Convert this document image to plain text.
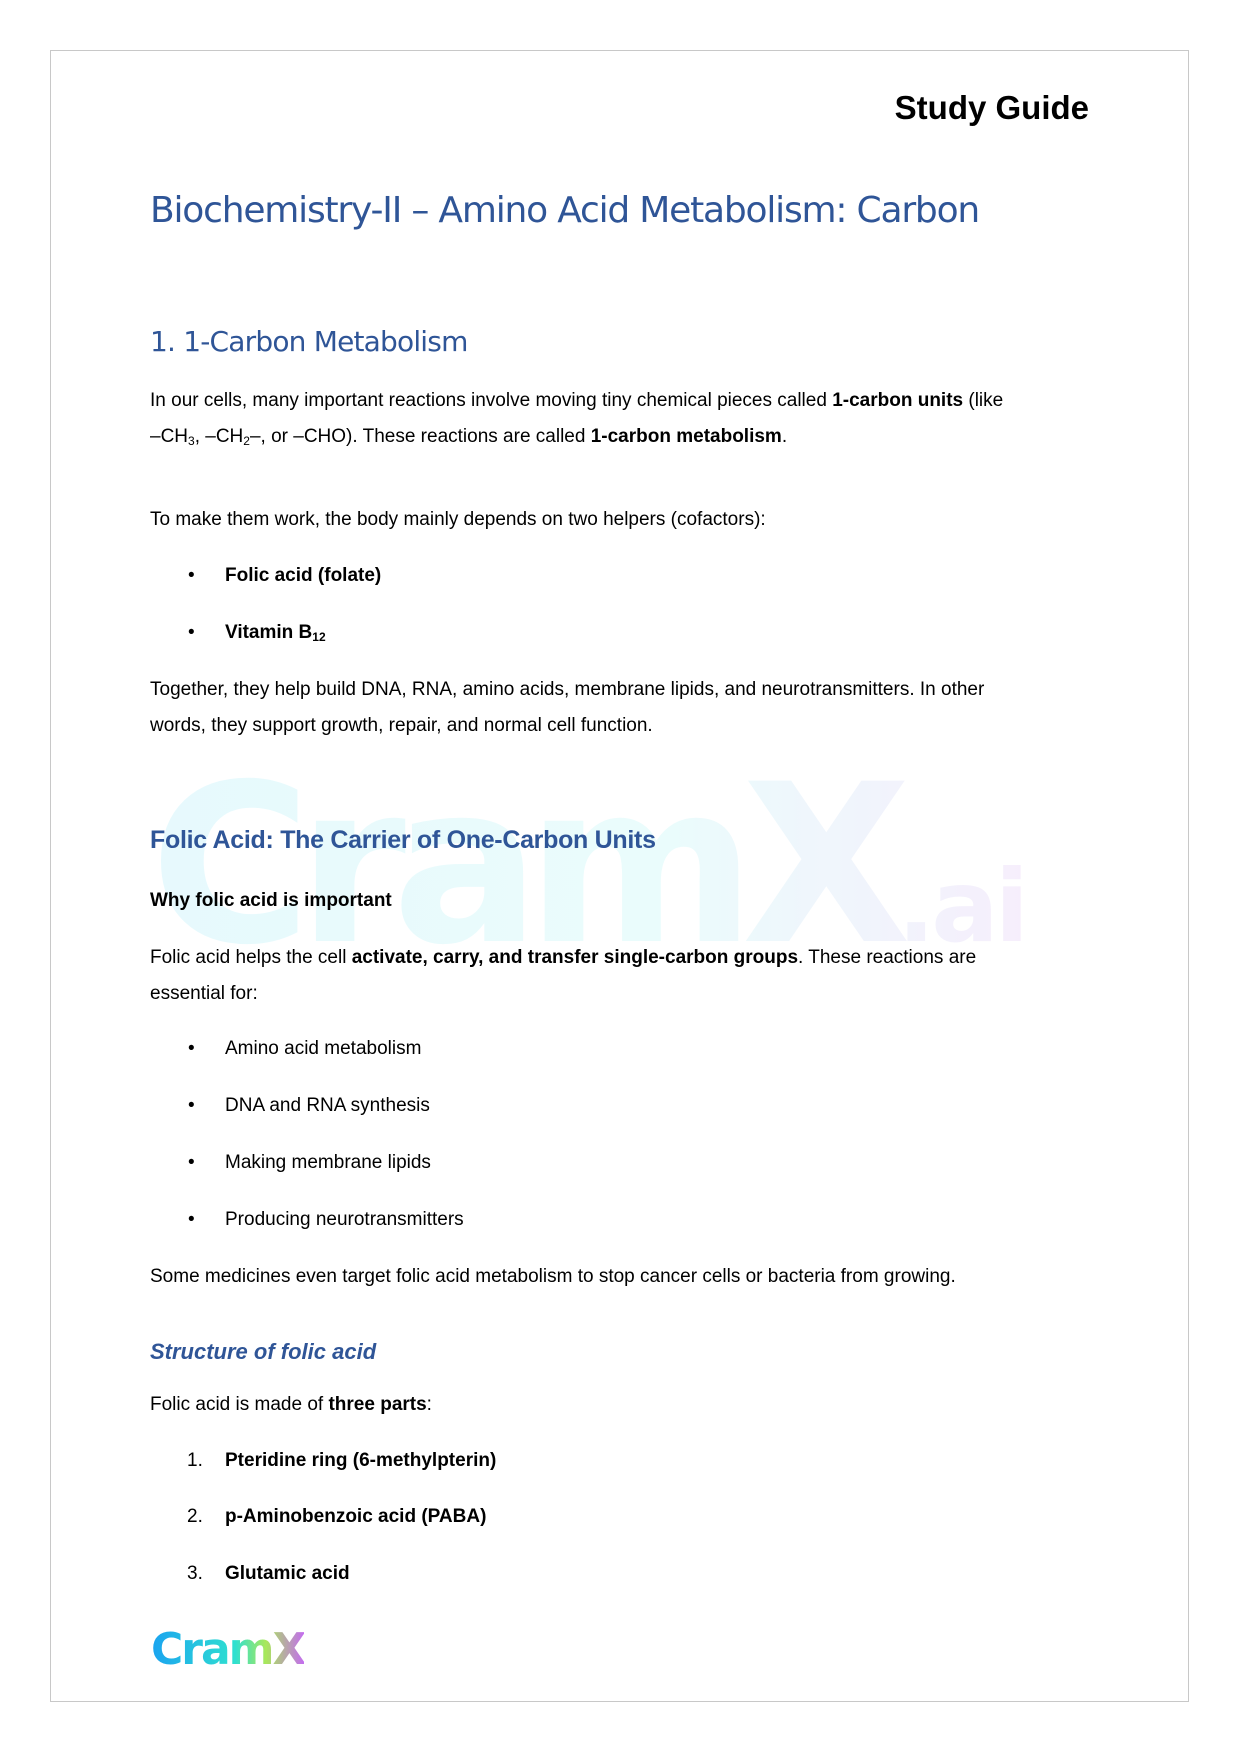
CramX.ai
Study Guide
Biochemistry-II – Amino Acid Metabolism: Carbon
1. 1-Carbon Metabolism
In our cells, many important reactions involve moving tiny chemical pieces called 1-carbon units (like
$-CH_3$, $-CH_2-$, or –CHO). These reactions are called 1-carbon metabolism.
To make them work, the body mainly depends on two helpers (cofactors):
• Folic acid (folate)
• Vitamin $B_{12}$
Together, they help build DNA, RNA, amino acids, membrane lipids, and neurotransmitters. In other
words, they support growth, repair, and normal cell function.
Folic Acid: The Carrier of One-Carbon Units
Why folic acid is important
Folic acid helps the cell activate, carry, and transfer single-carbon groups. These reactions are
essential for:
• Amino acid metabolism
• DNA and RNA synthesis
• Making membrane lipids
• Producing neurotransmitters
Some medicines even target folic acid metabolism to stop cancer cells or bacteria from growing.
Structure of folic acid
Folic acid is made of three parts:
1. Pteridine ring (6-methylpterin)
2. p-Aminobenzoic acid (PABA)
3. Glutamic acid
CramX
